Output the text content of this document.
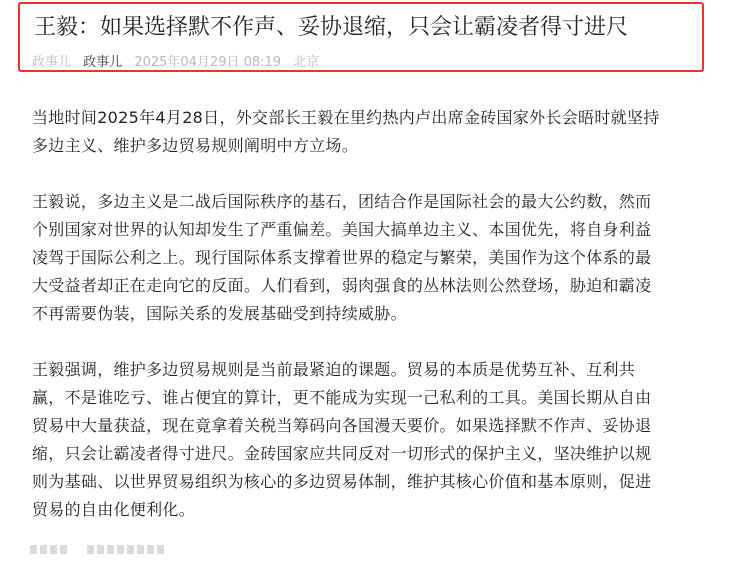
王毅：如果选择默不作声、妥协退缩，只会让霸凌者得寸进尺
政事儿 政事儿 2025年04月29日 08:19 北京

当地时间2025年4月28日，外交部长王毅在里约热内卢出席金砖国家外长会晤时就坚持
多边主义、维护多边贸易规则阐明中方立场。

王毅说，多边主义是二战后国际秩序的基石，团结合作是国际社会的最大公约数，然而
个别国家对世界的认知却发生了严重偏差。美国大搞单边主义、本国优先，将自身利益
凌驾于国际公利之上。现行国际体系支撑着世界的稳定与繁荣，美国作为这个体系的最
大受益者却正在走向它的反面。人们看到，弱肉强食的丛林法则公然登场，胁迫和霸凌
不再需要伪装，国际关系的发展基础受到持续威胁。

王毅强调，维护多边贸易规则是当前最紧迫的课题。贸易的本质是优势互补、互利共
赢，不是谁吃亏、谁占便宜的算计，更不能成为实现一己私利的工具。美国长期从自由
贸易中大量获益，现在竟拿着关税当筹码向各国漫天要价。如果选择默不作声、妥协退
缩，只会让霸凌者得寸进尺。金砖国家应共同反对一切形式的保护主义，坚决维护以规
则为基础、以世界贸易组织为核心的多边贸易体制，维护其核心价值和基本原则，促进
贸易的自由化便利化。
